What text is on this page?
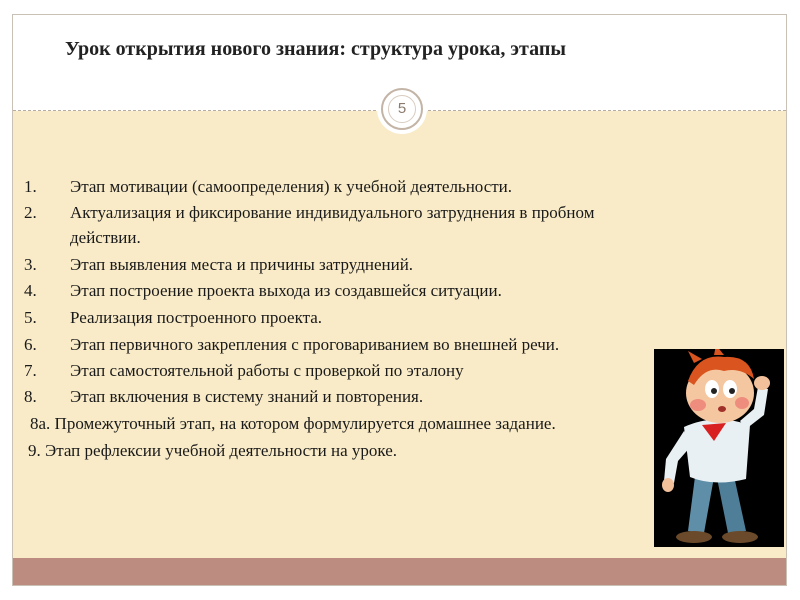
Урок открытия нового знания: структура урока, этапы
5
1. Этап мотивации (самоопределения) к учебной деятельности.
2. Актуализация и фиксирование индивидуального затруднения в пробном
действии.
3. Этап выявления места и причины затруднений.
4. Этап построение проекта выхода из создавшейся ситуации.
5. Реализация построенного проекта.
6. Этап первичного закрепления с проговариванием во внешней речи.
7. Этап самостоятельной работы с проверкой по эталону
8. Этап включения в систему знаний и повторения.
8а. Промежуточный этап, на котором формулируется домашнее задание.
9. Этап рефлексии учебной деятельности на уроке.
